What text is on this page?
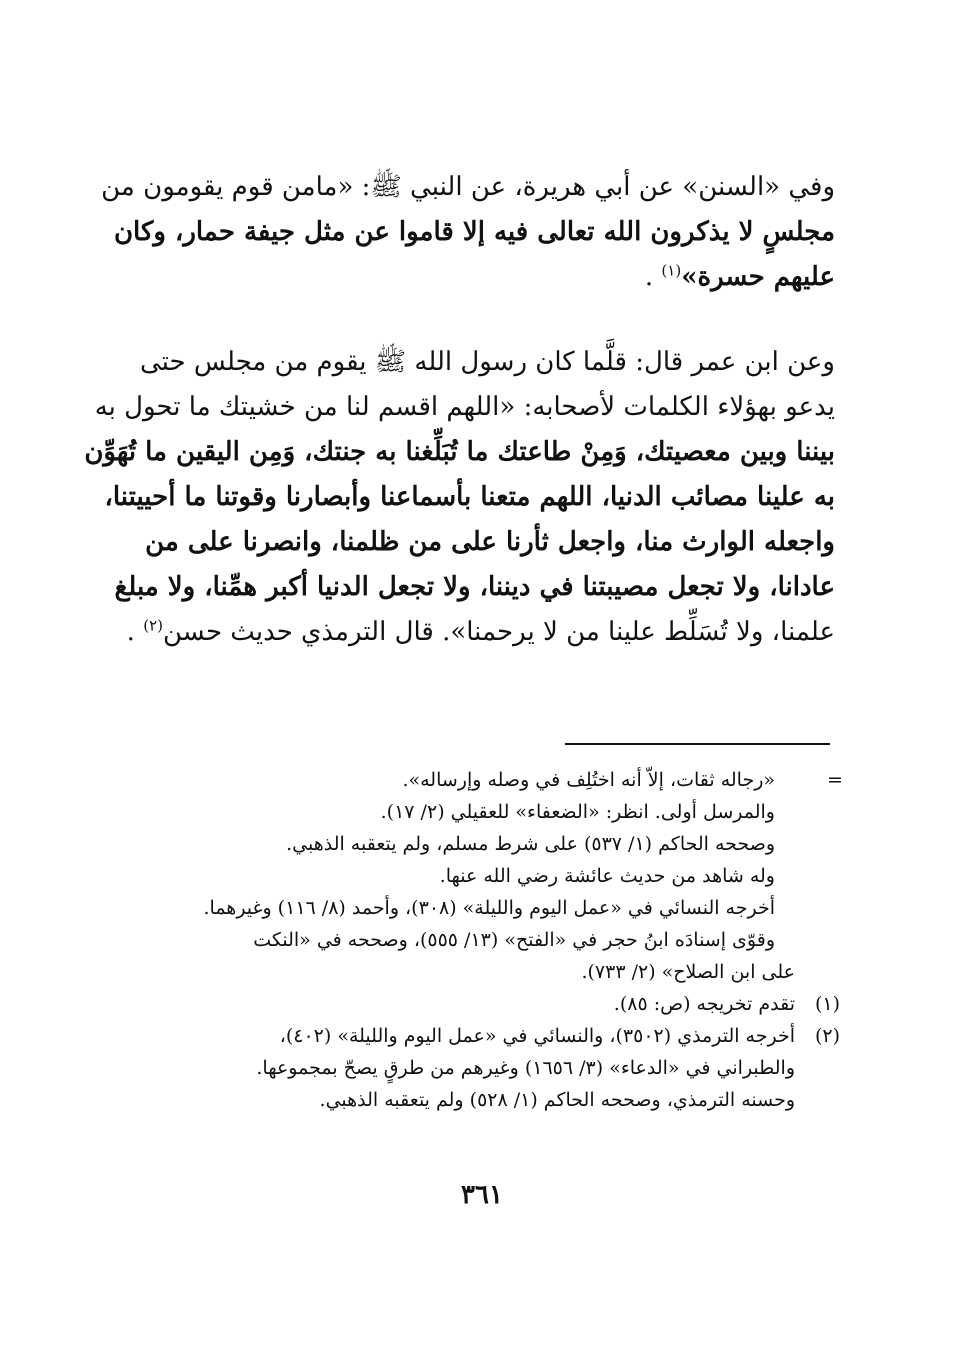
وفي «السنن» عن أبي هريرة، عن النبي ﷺ: «مامن قوم يقومون من
مجلسٍ لا يذكرون الله تعالى فيه إلا قاموا عن مثل جيفة حمار، وكان
عليهم حسرة»$^{(١)}$ .
وعن ابن عمر قال: قلَّما كان رسول الله ﷺ يقوم من مجلس حتى
يدعو بهؤلاء الكلمات لأصحابه: «اللهم اقسم لنا من خشيتك ما تحول به
بيننا وبين معصيتك، وَمِنْ طاعتك ما تُبَلِّغنا به جنتك، وَمِن اليقين ما تُهَوِّن
به علينا مصائب الدنيا، اللهم متعنا بأسماعنا وأبصارنا وقوتنا ما أحييتنا،
واجعله الوارث منا، واجعل ثأرنا على من ظلمنا، وانصرنا على من
عادانا، ولا تجعل مصيبتنا في ديننا، ولا تجعل الدنيا أكبر همِّنا، ولا مبلغ
علمنا، ولا تُسَلِّط علينا من لا يرحمنا». قال الترمذي حديث حسن$^{(٢)}$ .
=
«رجاله ثقات، إلاّ أنه اختُلِف في وصله وإرساله».
والمرسل أولى. انظر: «الضعفاء» للعقيلي (٢/ ١٧).
وصححه الحاكم (١/ ٥٣٧) على شرط مسلم، ولم يتعقبه الذهبي.
وله شاهد من حديث عائشة رضي الله عنها.
أخرجه النسائي في «عمل اليوم والليلة» (٣٠٨)، وأحمد (٨/ ١١٦) وغيرهما.
وقوّى إسنادَه ابنُ حجر في «الفتح» (١٣/ ٥٥٥)، وصححه في «النكت
على ابن الصلاح» (٢/ ٧٣٣).
(١)
تقدم تخريجه (ص: ٨٥).
(٢)
أخرجه الترمذي (٣٥٠٢)، والنسائي في «عمل اليوم والليلة» (٤٠٢)،
والطبراني في «الدعاء» (٣/ ١٦٥٦) وغيرهم من طرقٍ يصحّ بمجموعها.
وحسنه الترمذي، وصححه الحاكم (١/ ٥٢٨) ولم يتعقبه الذهبي.
٣٦١
